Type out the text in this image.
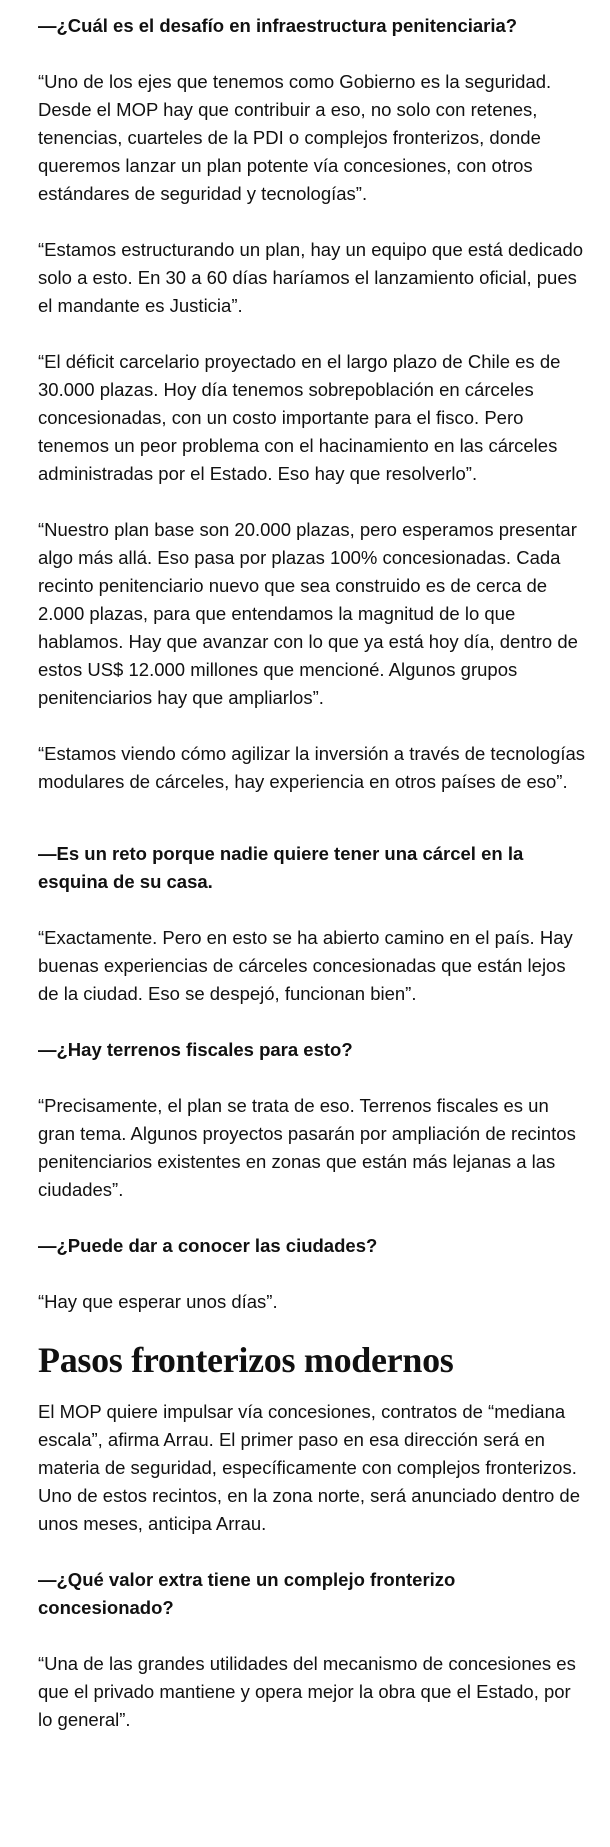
—¿Cuál es el desafío en infraestructura penitenciaria?

“Uno de los ejes que tenemos como Gobierno es la seguridad. Desde el MOP hay que contribuir a eso, no solo con retenes, tenencias, cuarteles de la PDI o complejos fronterizos, donde queremos lanzar un plan potente vía concesiones, con otros estándares de seguridad y tecnologías”.

“Estamos estructurando un plan, hay un equipo que está dedicado solo a esto. En 30 a 60 días haríamos el lanzamiento oficial, pues el mandante es Justicia”.

“El déficit carcelario proyectado en el largo plazo de Chile es de 30.000 plazas. Hoy día tenemos sobrepoblación en cárceles concesionadas, con un costo importante para el fisco. Pero tenemos un peor problema con el hacinamiento en las cárceles administradas por el Estado. Eso hay que resolverlo”.

“Nuestro plan base son 20.000 plazas, pero esperamos presentar algo más allá. Eso pasa por plazas 100% concesionadas. Cada recinto penitenciario nuevo que sea construido es de cerca de 2.000 plazas, para que entendamos la magnitud de lo que hablamos. Hay que avanzar con lo que ya está hoy día, dentro de estos US$ 12.000 millones que mencioné. Algunos grupos penitenciarios hay que ampliarlos”.

“Estamos viendo cómo agilizar la inversión a través de tecnologías modulares de cárceles, hay experiencia en otros países de eso”.

—Es un reto porque nadie quiere tener una cárcel en la esquina de su casa.

“Exactamente. Pero en esto se ha abierto camino en el país. Hay buenas experiencias de cárceles concesionadas que están lejos de la ciudad. Eso se despejó, funcionan bien”.

—¿Hay terrenos fiscales para esto?

“Precisamente, el plan se trata de eso. Terrenos fiscales es un gran tema. Algunos proyectos pasarán por ampliación de recintos penitenciarios existentes en zonas que están más lejanas a las ciudades”.

—¿Puede dar a conocer las ciudades?

“Hay que esperar unos días”.

Pasos fronterizos modernos

El MOP quiere impulsar vía concesiones, contratos de “mediana escala”, afirma Arrau. El primer paso en esa dirección será en materia de seguridad, específicamente con complejos fronterizos. Uno de estos recintos, en la zona norte, será anunciado dentro de unos meses, anticipa Arrau.

—¿Qué valor extra tiene un complejo fronterizo concesionado?

“Una de las grandes utilidades del mecanismo de concesiones es que el privado mantiene y opera mejor la obra que el Estado, por lo general”.
